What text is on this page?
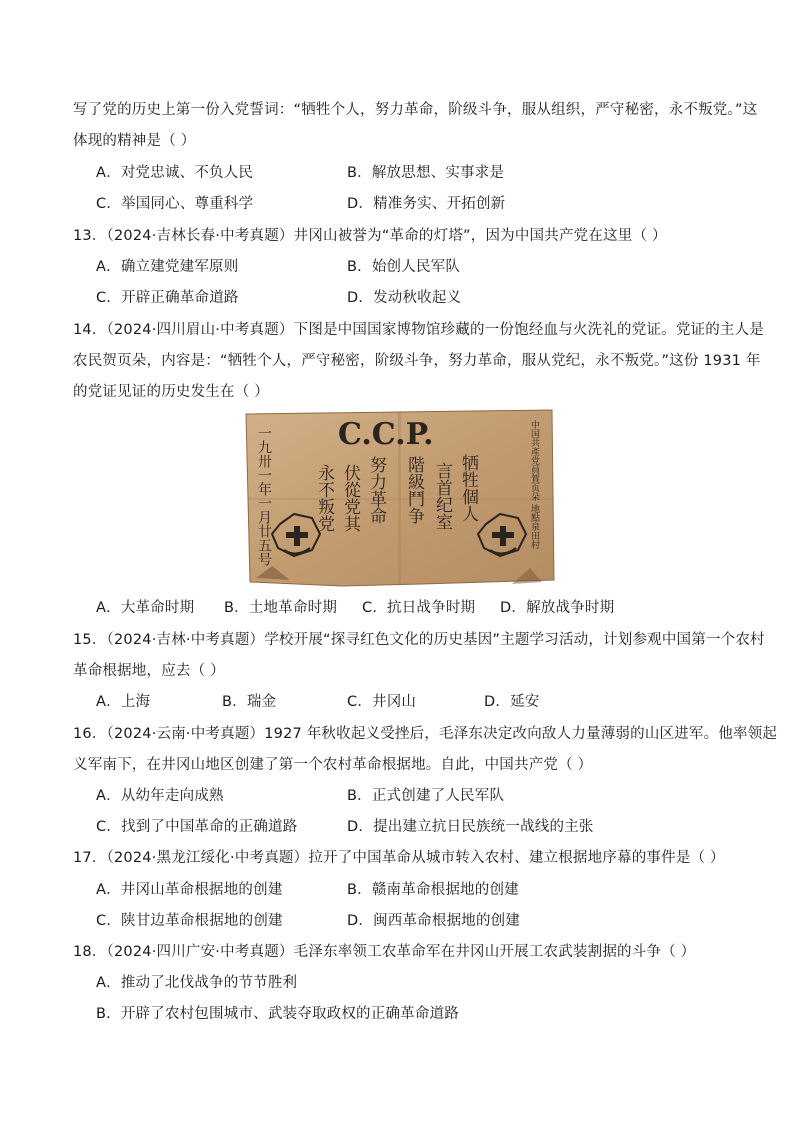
写了党的历史上第一份入党誓词：“牺牲个人，努力革命，阶级斗争，服从组织，严守秘密，永不叛党。”这
体现的精神是（ ）
A．对党忠诚、不负人民	B．解放思想、实事求是
C．举国同心、尊重科学	D．精准务实、开拓创新
13．（2024·吉林长春·中考真题）井冈山被誉为“革命的灯塔”，因为中国共产党在这里（ ）
A．确立建党建军原则	B．始创人民军队
C．开辟正确革命道路	D．发动秋收起义
14．（2024·四川眉山·中考真题）下图是中国国家博物馆珍藏的一份饱经血与火洗礼的党证。党证的主人是
农民贺页朵，内容是：“牺牲个人，严守秘密，阶级斗争，努力革命，服从党纪，永不叛党。”这份 1931 年
的党证见证的历史发生在（ ）
C.C.P.
一九卅一年一月廿五号	牺牲個人
言首纪室
階級鬥争
努力革命
伏從党其
永不叛党	中国共產党員賀页朵 地點泉田村
A．大革命时期 B．土地革命时期 C．抗日战争时期 D．解放战争时期
15．（2024·吉林·中考真题）学校开展“探寻红色文化的历史基因”主题学习活动，计划参观中国第一个农村
革命根据地，应去（ ）
A．上海	B．瑞金	C．井冈山	D．延安
16．（2024·云南·中考真题）1927 年秋收起义受挫后，毛泽东决定改向敌人力量薄弱的山区进军。他率领起
义军南下，在井冈山地区创建了第一个农村革命根据地。自此，中国共产党（ ）
A．从幼年走向成熟	B．正式创建了人民军队
C．找到了中国革命的正确道路	D．提出建立抗日民族统一战线的主张
17．（2024·黑龙江绥化·中考真题）拉开了中国革命从城市转入农村、建立根据地序幕的事件是（ ）
A．井冈山革命根据地的创建	B．赣南革命根据地的创建
C．陕甘边革命根据地的创建	D．闽西革命根据地的创建
18．（2024·四川广安·中考真题）毛泽东率领工农革命军在井冈山开展工农武装割据的斗争（ ）
A．推动了北伐战争的节节胜利
B．开辟了农村包围城市、武装夺取政权的正确革命道路
